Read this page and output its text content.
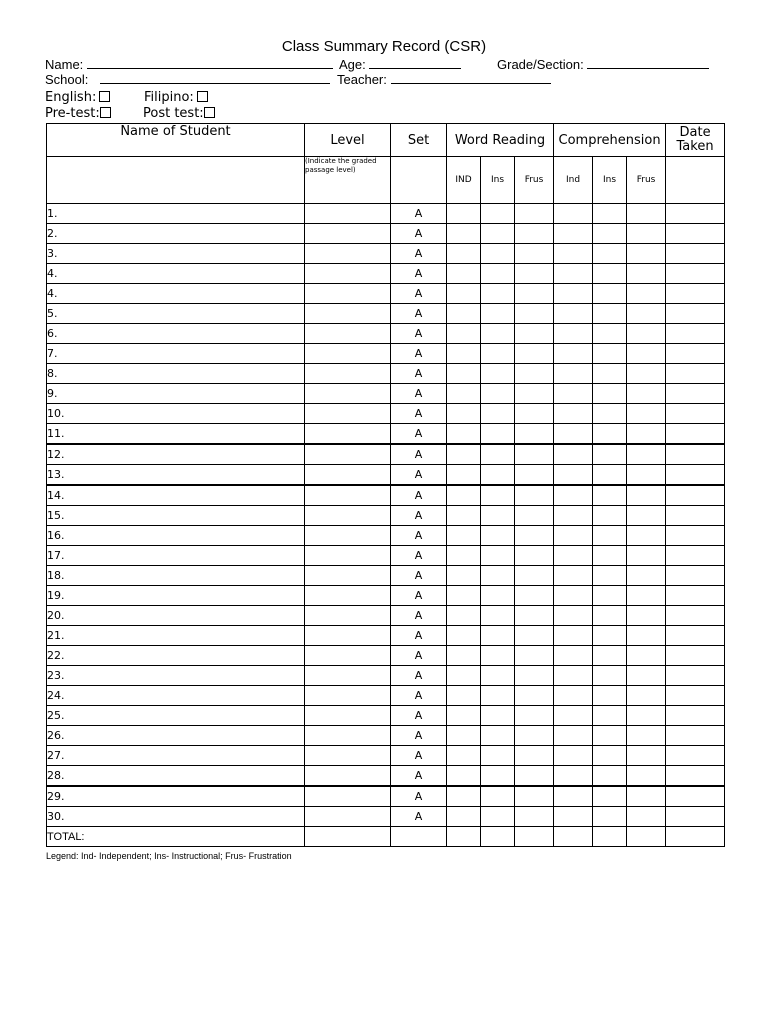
Class Summary Record (CSR)
Name:	Age:	Grade/Section:
School:	Teacher:
English:	Filipino:
Pre-test:	Post test:
Name of Student	Level	Set	Word Reading			Comprehension			Date Taken
	(Indicate the graded passage level)		IND	Ins	Frus	Ind	Ins	Frus	
1.		A							
2.		A							
3.		A							
4.		A							
4.		A							
5.		A							
6.		A							
7.		A							
8.		A							
9.		A							
10.		A							
11.		A							
12.		A							
13.		A							
14.		A							
15.		A							
16.		A							
17.		A							
18.		A							
19.		A							
20.		A							
21.		A							
22.		A							
23.		A							
24.		A							
25.		A							
26.		A							
27.		A							
28.		A							
29.		A							
30.		A							
TOTAL:									
Legend: Ind- Independent; Ins- Instructional; Frus- Frustration
